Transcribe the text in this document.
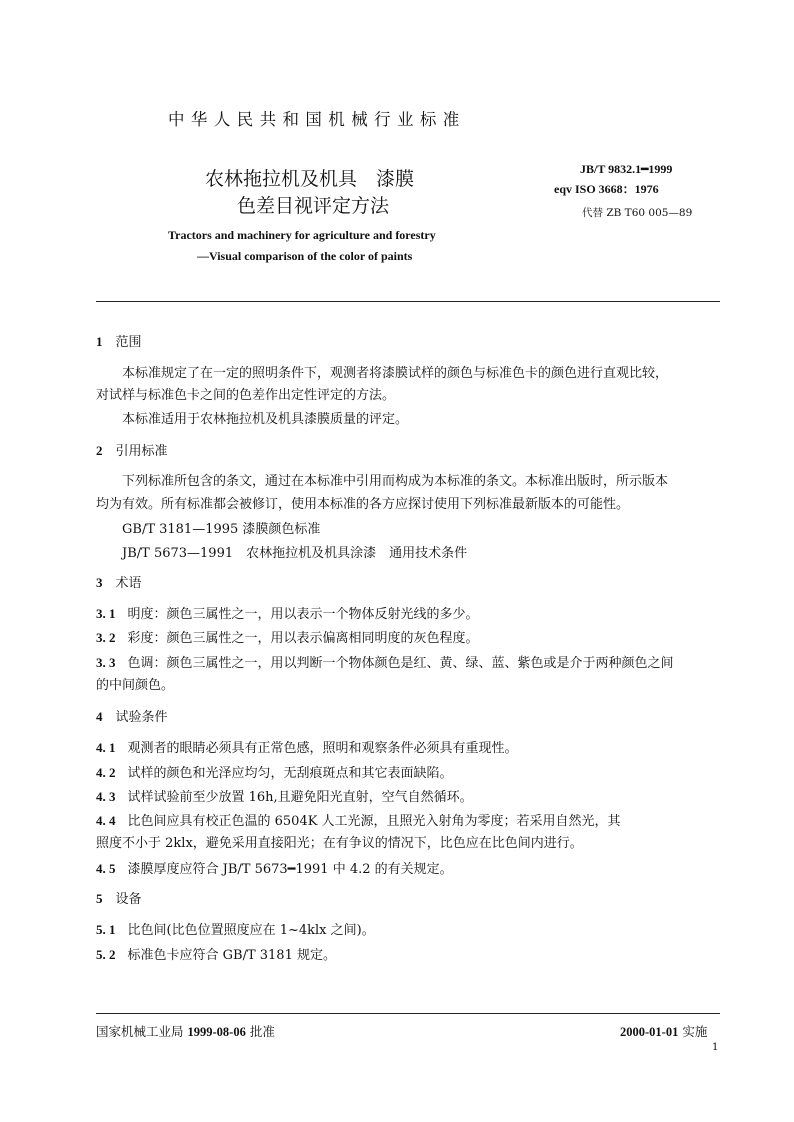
中华人民共和国机械行业标准
农林拖拉机及机具　漆膜
色差目视评定方法
JB/T 9832.1━1999
eqv ISO 3668：1976
代替 ZB T60 005—89
Tractors and machinery for agriculture and forestry
—Visual comparison of the color of paints
1 范围
本标准规定了在一定的照明条件下，观测者将漆膜试样的颜色与标准色卡的颜色进行直观比较，
对试样与标准色卡之间的色差作出定性评定的方法。
本标准适用于农林拖拉机及机具漆膜质量的评定。
2 引用标准
下列标准所包含的条文，通过在本标准中引用而构成为本标准的条文。本标准出版时，所示版本
均为有效。所有标准都会被修订，使用本标准的各方应探讨使用下列标准最新版本的可能性。
GB/T 3181—1995 漆膜颜色标准
JB/T 5673—1991　农林拖拉机及机具涂漆　通用技术条件
3 术语
3. 1 明度：颜色三属性之一，用以表示一个物体反射光线的多少。
3. 2 彩度：颜色三属性之一，用以表示偏离相同明度的灰色程度。
3. 3 色调：颜色三属性之一，用以判断一个物体颜色是红、黄、绿、蓝、紫色或是介于两种颜色之间
的中间颜色。
4 试验条件
4. 1 观测者的眼睛必须具有正常色感，照明和观察条件必须具有重现性。
4. 2 试样的颜色和光泽应均匀，无刮痕斑点和其它表面缺陷。
4. 3 试样试验前至少放置 16h,且避免阳光直射，空气自然循环。
4. 4 比色间应具有校正色温的 6504K 人工光源，且照光入射角为零度；若采用自然光，其
照度不小于 2klx，避免采用直接阳光；在有争议的情况下，比色应在比色间内进行。
4. 5 漆膜厚度应符合 JB/T 5673━1991 中 4.2 的有关规定。
5 设备
5. 1 比色间(比色位置照度应在 1~4klx 之间)。
5. 2 标准色卡应符合 GB/T 3181 规定。
国家机械工业局 1999-08-06 批准	2000-01-01 实施
1
